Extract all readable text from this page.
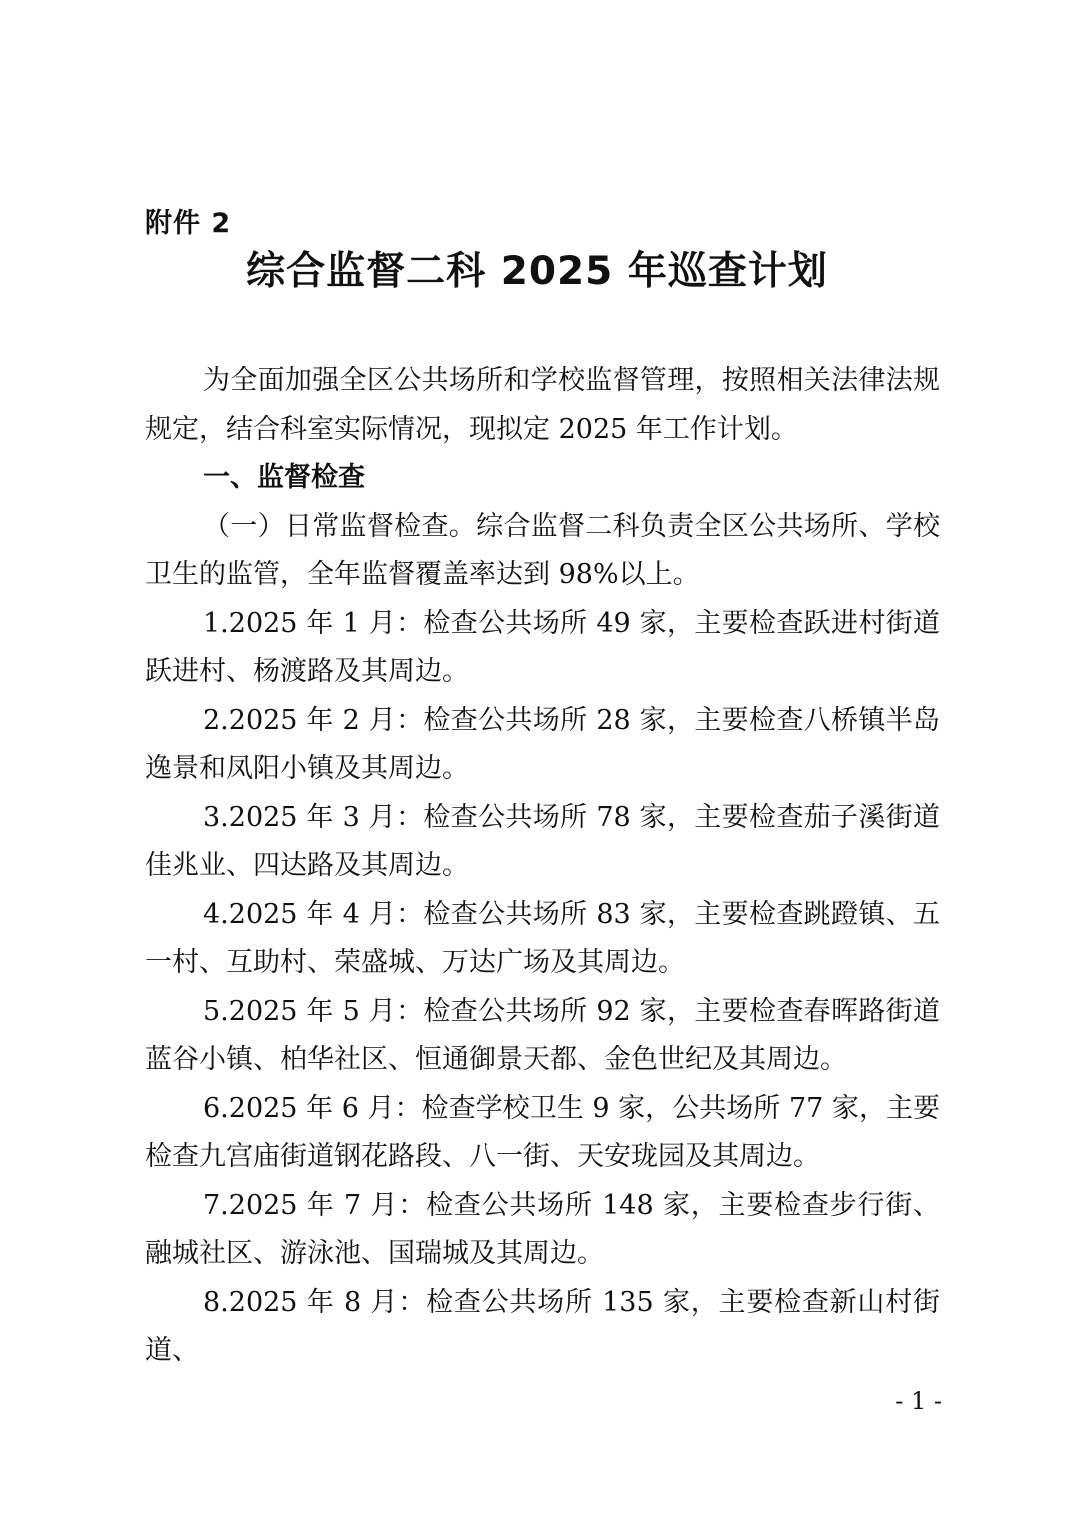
附件 2
综合监督二科 2025 年巡查计划

为全面加强全区公共场所和学校监督管理，按照相关法律法规规定，结合科室实际情况，现拟定 2025 年工作计划。

一、监督检查

（一）日常监督检查。综合监督二科负责全区公共场所、学校卫生的监管，全年监督覆盖率达到 98%以上。

1.2025 年 1 月：检查公共场所 49 家，主要检查跃进村街道跃进村、杨渡路及其周边。

2.2025 年 2 月：检查公共场所 28 家，主要检查八桥镇半岛逸景和凤阳小镇及其周边。

3.2025 年 3 月：检查公共场所 78 家，主要检查茄子溪街道佳兆业、四达路及其周边。

4.2025 年 4 月：检查公共场所 83 家，主要检查跳蹬镇、五一村、互助村、荣盛城、万达广场及其周边。

5.2025 年 5 月：检查公共场所 92 家，主要检查春晖路街道蓝谷小镇、柏华社区、恒通御景天都、金色世纪及其周边。

6.2025 年 6 月：检查学校卫生 9 家，公共场所 77 家，主要检查九宫庙街道钢花路段、八一街、天安珑园及其周边。

7.2025 年 7 月：检查公共场所 148 家，主要检查步行街、融城社区、游泳池、国瑞城及其周边。

8.2025 年 8 月：检查公共场所 135 家，主要检查新山村街道、

- 1 -
